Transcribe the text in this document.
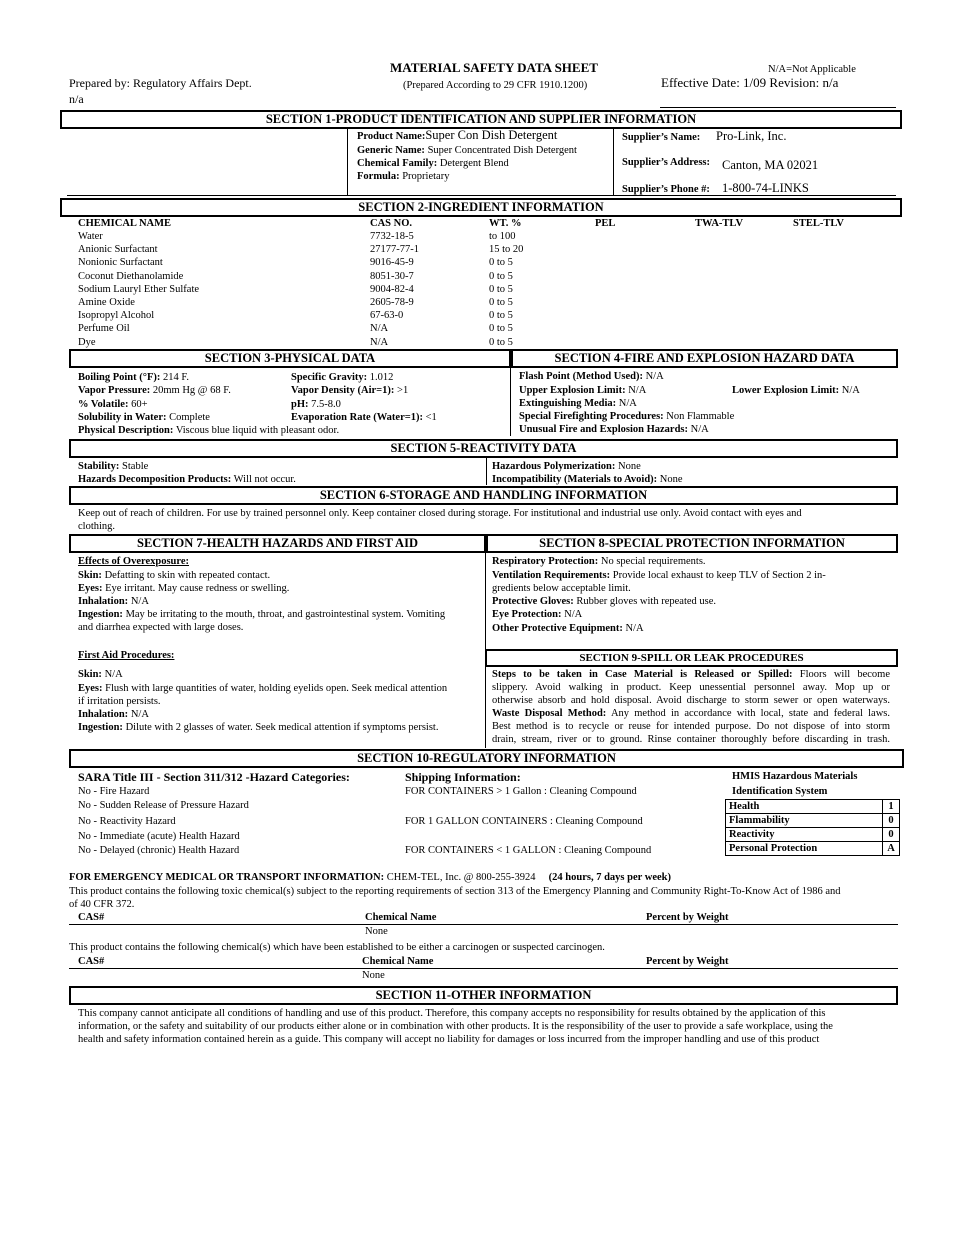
MATERIAL SAFETY DATA SHEET
(Prepared According to 29 CFR 1910.1200)
N/A=Not Applicable
Prepared by: Regulatory Affairs Dept.
n/a
Effective Date: 1/09 Revision: n/a
SECTION 1-PRODUCT IDENTIFICATION AND SUPPLIER INFORMATION
Product Name:Super Con Dish Detergent
Generic Name: Super Concentrated Dish Detergent
Chemical Family: Detergent Blend
Formula: Proprietary
Supplier’s Name: Pro-Link, Inc.
Supplier’s Address: Canton, MA 02021
Supplier’s Phone #: 1-800-74-LINKS
SECTION 2-INGREDIENT INFORMATION
CHEMICAL NAME	CAS NO.	WT. %	PEL	TWA-TLV	STEL-TLV
Water	7732-18-5	to 100
Anionic Surfactant	27177-77-1	15 to 20
Nonionic Surfactant	9016-45-9	0 to 5
Coconut Diethanolamide	8051-30-7	0 to 5
Sodium Lauryl Ether Sulfate	9004-82-4	0 to 5
Amine Oxide	2605-78-9	0 to 5
Isopropyl Alcohol	67-63-0	0 to 5
Perfume Oil	N/A	0 to 5
Dye	N/A	0 to 5
SECTION 3-PHYSICAL DATA	SECTION 4-FIRE AND EXPLOSION HAZARD DATA
Boiling Point (°F): 214 F.
Vapor Pressure: 20mm Hg @ 68 F.
% Volatile: 60+
Solubility in Water: Complete
Physical Description: Viscous blue liquid with pleasant odor.
Specific Gravity: 1.012
Vapor Density (Air=1): >1
pH: 7.5-8.0
Evaporation Rate (Water=1): <1
Flash Point (Method Used): N/A
Upper Explosion Limit: N/A	Lower Explosion Limit: N/A
Extinguishing Media: N/A
Special Firefighting Procedures: Non Flammable
Unusual Fire and Explosion Hazards: N/A
SECTION 5-REACTIVITY DATA
Stability: Stable
Hazards Decomposition Products: Will not occur.
Hazardous Polymerization: None
Incompatibility (Materials to Avoid): None
SECTION 6-STORAGE AND HANDLING INFORMATION
Keep out of reach of children. For use by trained personnel only. Keep container closed during storage. For institutional and industrial use only. Avoid contact with eyes and
clothing.
SECTION 7-HEALTH HAZARDS AND FIRST AID	SECTION 8-SPECIAL PROTECTION INFORMATION
Effects of Overexposure:
Skin: Defatting to skin with repeated contact.
Eyes: Eye irritant. May cause redness or swelling.
Inhalation: N/A
Ingestion: May be irritating to the mouth, throat, and gastrointestinal system. Vomiting
and diarrhea expected with large doses.
First Aid Procedures:
Skin: N/A
Eyes: Flush with large quantities of water, holding eyelids open. Seek medical attention
if irritation persists.
Inhalation: N/A
Ingestion: Dilute with 2 glasses of water. Seek medical attention if symptoms persist.
Respiratory Protection: No special requirements.
Ventilation Requirements: Provide local exhaust to keep TLV of Section 2 in-
gredients below acceptable limit.
Protective Gloves: Rubber gloves with repeated use.
Eye Protection: N/A
Other Protective Equipment: N/A
SECTION 9-SPILL OR LEAK PROCEDURES
Steps to be taken in Case Material is Released or Spilled: Floors will become
slippery. Avoid walking in product. Keep unessential personnel away. Mop up or
otherwise absorb and hold disposal. Avoid discharge to storm sewer or open waterways.
Waste Disposal Method: Any method in accordance with local, state and federal laws.
Best method is to recycle or reuse for intended purpose. Do not dispose of into storm
drain, stream, river or to ground. Rinse container thoroughly before discarding in trash.
SECTION 10-REGULATORY INFORMATION
SARA Title III - Section 311/312 -Hazard Categories:
No - Fire Hazard
No - Sudden Release of Pressure Hazard
No - Reactivity Hazard
No - Immediate (acute) Health Hazard
No - Delayed (chronic) Health Hazard
Shipping Information:
FOR CONTAINERS > 1 Gallon : Cleaning Compound
FOR 1 GALLON CONTAINERS : Cleaning Compound
FOR CONTAINERS < 1 GALLON : Cleaning Compound
HMIS Hazardous Materials
Identification System
Health	1
Flammability	0
Reactivity	0
Personal Protection	A
FOR EMERGENCY MEDICAL OR TRANSPORT INFORMATION: CHEM-TEL, Inc. @ 800-255-3924 (24 hours, 7 days per week)
This product contains the following toxic chemical(s) subject to the reporting requirements of section 313 of the Emergency Planning and Community Right-To-Know Act of 1986 and
of 40 CFR 372.
CAS#	Chemical Name	Percent by Weight
None
This product contains the following chemical(s) which have been established to be either a carcinogen or suspected carcinogen.
CAS#	Chemical Name	Percent by Weight
None
SECTION 11-OTHER INFORMATION
This company cannot anticipate all conditions of handling and use of this product. Therefore, this company accepts no responsibility for results obtained by the application of this
information, or the safety and suitability of our products either alone or in combination with other products. It is the responsibility of the user to provide a safe workplace, using the
health and safety information contained herein as a guide. This company will accept no liability for damages or loss incurred from the improper handling and use of this product
